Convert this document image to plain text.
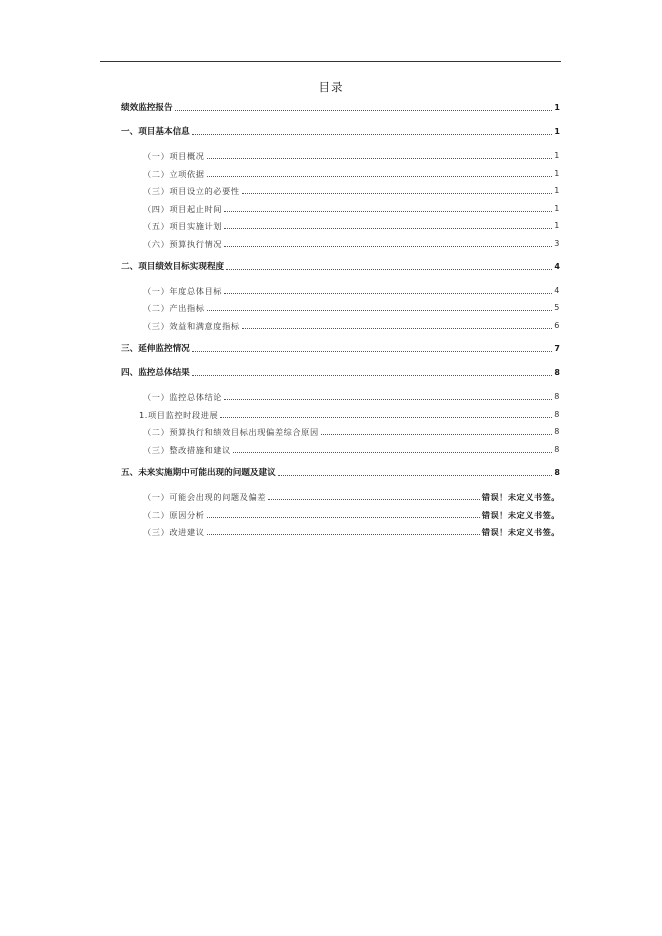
目录
绩效监控报告	1
一、项目基本信息	1
（一）项目概况	1
（二）立项依据	1
（三）项目设立的必要性	1
（四）项目起止时间	1
（五）项目实施计划	1
（六）预算执行情况	3
二、项目绩效目标实现程度	4
（一）年度总体目标	4
（二）产出指标	5
（三）效益和满意度指标	6
三、延伸监控情况	7
四、监控总体结果	8
（一）监控总体结论	8
1.项目监控时段进展	8
（二）预算执行和绩效目标出现偏差综合原因	8
（三）整改措施和建议	8
五、未来实施期中可能出现的问题及建议	8
（一）可能会出现的问题及偏差	错误！未定义书签。
（二）原因分析	错误！未定义书签。
（三）改进建议	错误！未定义书签。
